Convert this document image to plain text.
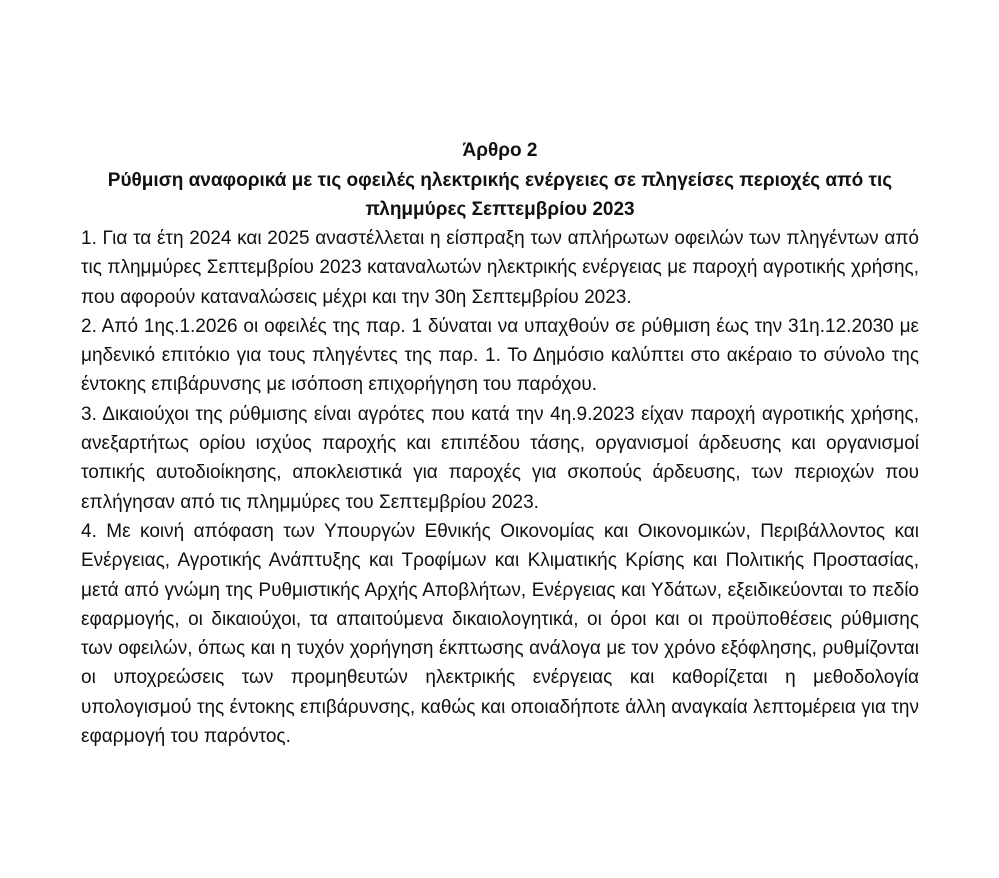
Άρθρο 2

Ρύθμιση αναφορικά με τις οφειλές ηλεκτρικής ενέργειες σε πληγείσες περιοχές από τις πλημμύρες Σεπτεμβρίου 2023

1. Για τα έτη 2024 και 2025 αναστέλλεται η είσπραξη των απλήρωτων οφειλών των πληγέντων από τις πλημμύρες Σεπτεμβρίου 2023 καταναλωτών ηλεκτρικής ενέργειας με παροχή αγροτικής χρήσης, που αφορούν καταναλώσεις μέχρι και την 30η Σεπτεμβρίου 2023.

2. Από 1ης.1.2026 οι οφειλές της παρ. 1 δύναται να υπαχθούν σε ρύθμιση έως την 31η.12.2030 με μηδενικό επιτόκιο για τους πληγέντες της παρ. 1. Το Δημόσιο καλύπτει στο ακέραιο το σύνολο της έντοκης επιβάρυνσης με ισόποση επιχορήγηση του παρόχου.

3. Δικαιούχοι της ρύθμισης είναι αγρότες που κατά την 4η.9.2023 είχαν παροχή αγροτικής χρήσης, ανεξαρτήτως ορίου ισχύος παροχής και επιπέδου τάσης, οργανισμοί άρδευσης και οργανισμοί τοπικής αυτοδιοίκησης, αποκλειστικά για παροχές για σκοπούς άρδευσης, των περιοχών που επλήγησαν από τις πλημμύρες του Σεπτεμβρίου 2023.

4. Με κοινή απόφαση των Υπουργών Εθνικής Οικονομίας και Οικονομικών, Περιβάλλοντος και Ενέργειας, Αγροτικής Ανάπτυξης και Τροφίμων και Κλιματικής Κρίσης και Πολιτικής Προστασίας, μετά από γνώμη της Ρυθμιστικής Αρχής Αποβλήτων, Ενέργειας και Υδάτων, εξειδικεύονται το πεδίο εφαρμογής, οι δικαιούχοι, τα απαιτούμενα δικαιολογητικά, οι όροι και οι προϋποθέσεις ρύθμισης των οφειλών, όπως και η τυχόν χορήγηση έκπτωσης ανάλογα με τον χρόνο εξόφλησης, ρυθμίζονται οι υποχρεώσεις των προμηθευτών ηλεκτρικής ενέργειας και καθορίζεται η μεθοδολογία υπολογισμού της έντοκης επιβάρυνσης, καθώς και οποιαδήποτε άλλη αναγκαία λεπτομέρεια για την εφαρμογή του παρόντος.
